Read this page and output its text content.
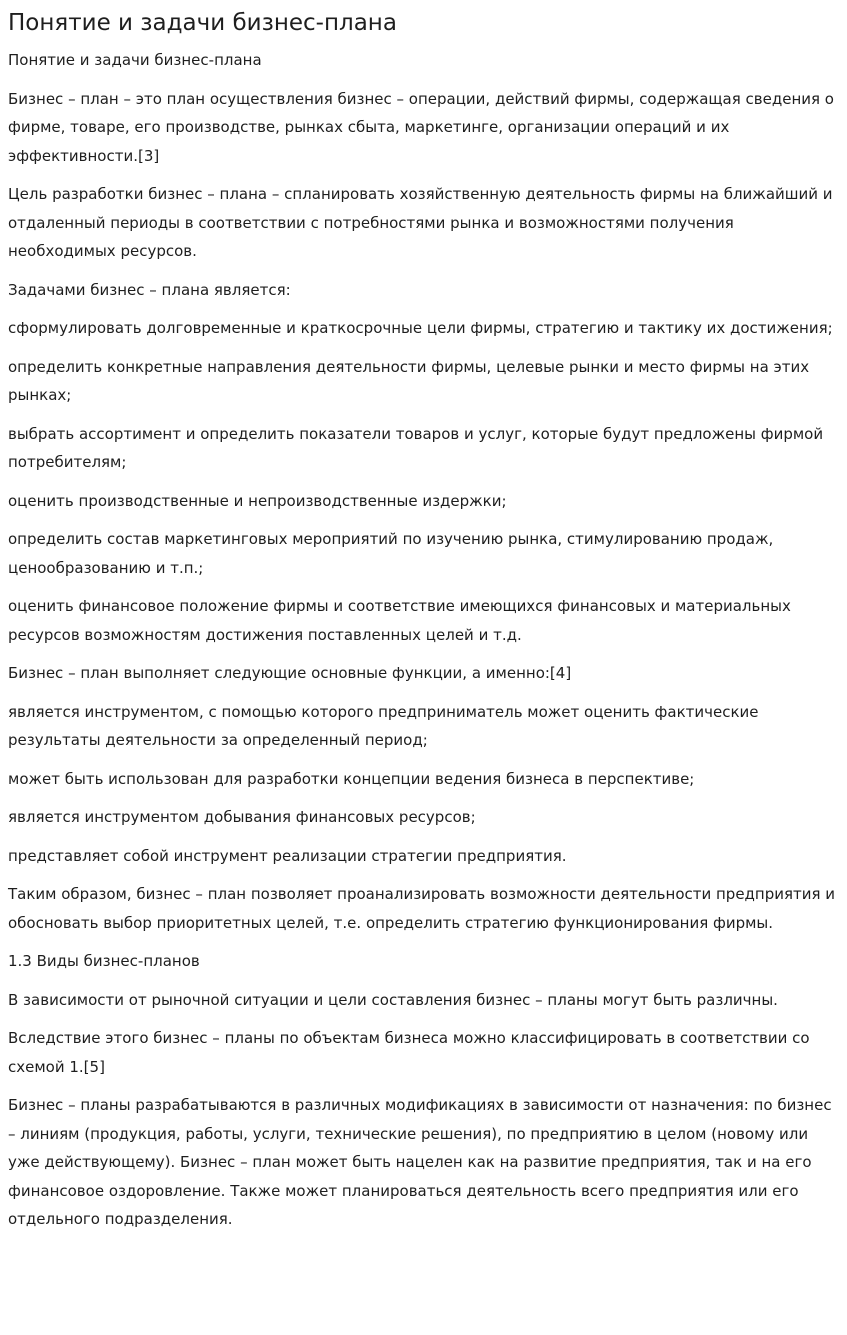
Понятие и задачи бизнес-плана

Понятие и задачи бизнес-плана

Бизнес – план – это план осуществления бизнес – операции, действий фирмы, содержащая сведения о фирме, товаре, его производстве, рынках сбыта, маркетинге, организации операций и их эффективности.[3]

Цель разработки бизнес – плана – спланировать хозяйственную деятельность фирмы на ближайший и отдаленный периоды в соответствии с потребностями рынка и возможностями получения необходимых ресурсов.

Задачами бизнес – плана является:

сформулировать долговременные и краткосрочные цели фирмы, стратегию и тактику их достижения;

определить конкретные направления деятельности фирмы, целевые рынки и место фирмы на этих рынках;

выбрать ассортимент и определить показатели товаров и услуг, которые будут предложены фирмой потребителям;

оценить производственные и непроизводственные издержки;

определить состав маркетинговых мероприятий по изучению рынка, стимулированию продаж, ценообразованию и т.п.;

оценить финансовое положение фирмы и соответствие имеющихся финансовых и материальных ресурсов возможностям достижения поставленных целей и т.д.

Бизнес – план выполняет следующие основные функции, а именно:[4]

является инструментом, с помощью которого предприниматель может оценить фактические результаты деятельности за определенный период;

может быть использован для разработки концепции ведения бизнеса в перспективе;

является инструментом добывания финансовых ресурсов;

представляет собой инструмент реализации стратегии предприятия.

Таким образом, бизнес – план позволяет проанализировать возможности деятельности предприятия и обосновать выбор приоритетных целей, т.е. определить стратегию функционирования фирмы.

1.3 Виды бизнес-планов

В зависимости от рыночной ситуации и цели составления бизнес – планы могут быть различны.

Вследствие этого бизнес – планы по объектам бизнеса можно классифицировать в соответствии со схемой 1.[5]

Бизнес – планы разрабатываются в различных модификациях в зависимости от назначения: по бизнес – линиям (продукция, работы, услуги, технические решения), по предприятию в целом (новому или уже действующему). Бизнес – план может быть нацелен как на развитие предприятия, так и на его финансовое оздоровление. Также может планироваться деятельность всего предприятия или его отдельного подразделения.
